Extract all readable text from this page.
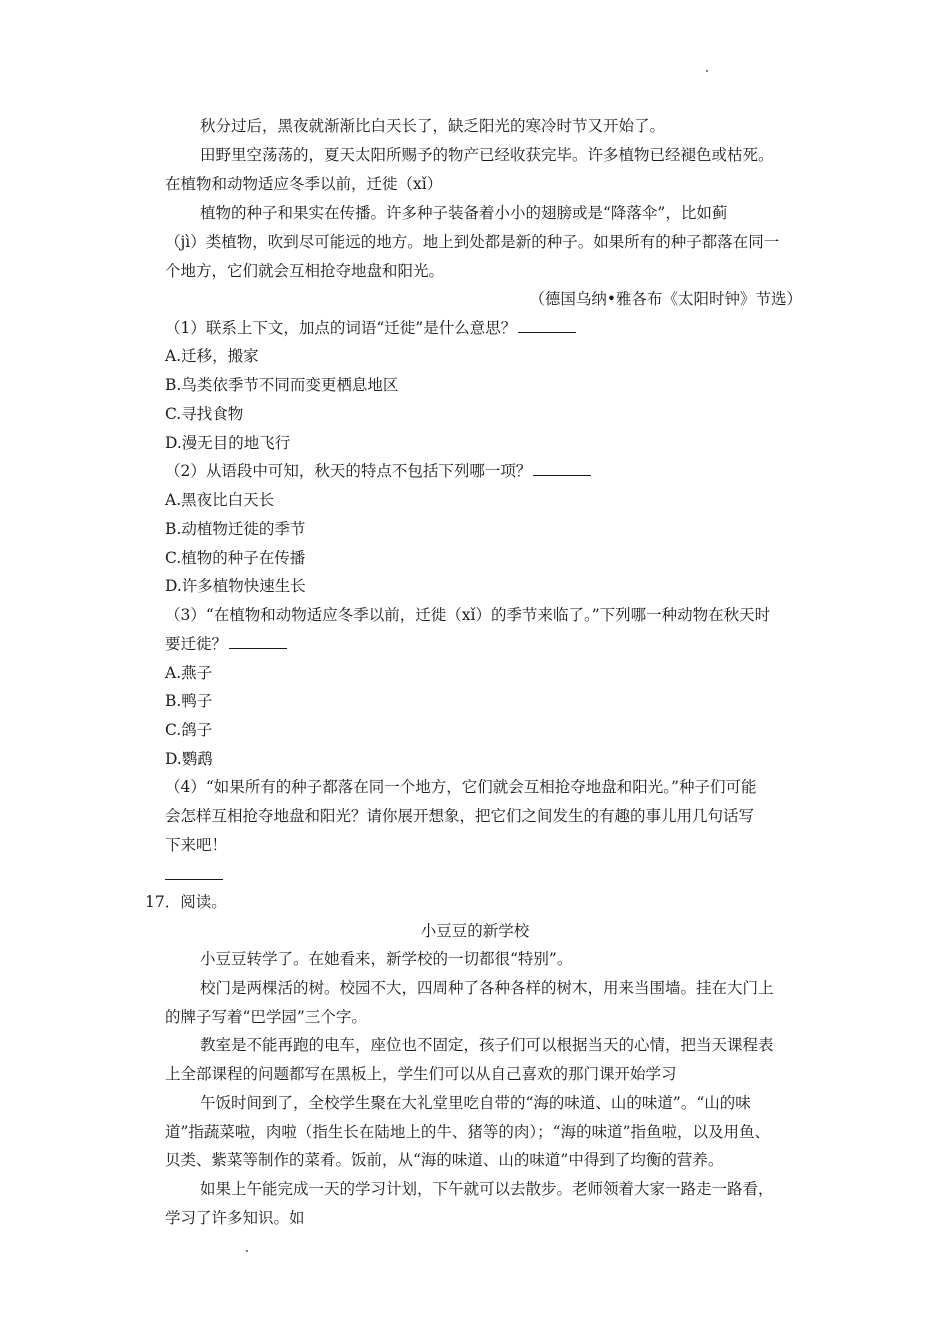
秋分过后，黑夜就渐渐比白天长了，缺乏阳光的寒冷时节又开始了。
田野里空荡荡的，夏天太阳所赐予的物产已经收获完毕。许多植物已经褪色或枯死。
在植物和动物适应冬季以前，迁徙（xǐ）
植物的种子和果实在传播。许多种子装备着小小的翅膀或是“降落伞”，比如蓟
（jì）类植物，吹到尽可能远的地方。地上到处都是新的种子。如果所有的种子都落在同一
个地方，它们就会互相抢夺地盘和阳光。
（德国乌纳•雅各布《太阳时钟》节选）
（1）联系上下文，加点的词语“迁徙”是什么意思？
A.迁移，搬家
B.鸟类依季节不同而变更栖息地区
C.寻找食物
D.漫无目的地飞行
（2）从语段中可知，秋天的特点不包括下列哪一项？
A.黑夜比白天长
B.动植物迁徙的季节
C.植物的种子在传播
D.许多植物快速生长
（3）“在植物和动物适应冬季以前，迁徙（xǐ）的季节来临了。”下列哪一种动物在秋天时
要迁徙？
A.燕子
B.鸭子
C.鸽子
D.鹦鹉
（4）“如果所有的种子都落在同一个地方，它们就会互相抢夺地盘和阳光。”种子们可能
会怎样互相抢夺地盘和阳光？请你展开想象，把它们之间发生的有趣的事儿用几句话写
下来吧！
17．阅读。
小豆豆的新学校
小豆豆转学了。在她看来，新学校的一切都很“特别”。
校门是两棵活的树。校园不大，四周种了各种各样的树木，用来当围墙。挂在大门上
的牌子写着“巴学园”三个字。
教室是不能再跑的电车，座位也不固定，孩子们可以根据当天的心情，把当天课程表
上全部课程的问题都写在黑板上，学生们可以从自己喜欢的那门课开始学习
午饭时间到了，全校学生聚在大礼堂里吃自带的“海的味道、山的味道”。“山的味
道”指蔬菜啦，肉啦（指生长在陆地上的牛、猪等的肉）；“海的味道”指鱼啦，以及用鱼、
贝类、紫菜等制作的菜肴。饭前，从“海的味道、山的味道”中得到了均衡的营养。
如果上午能完成一天的学习计划，下午就可以去散步。老师领着大家一路走一路看，
学习了许多知识。如
